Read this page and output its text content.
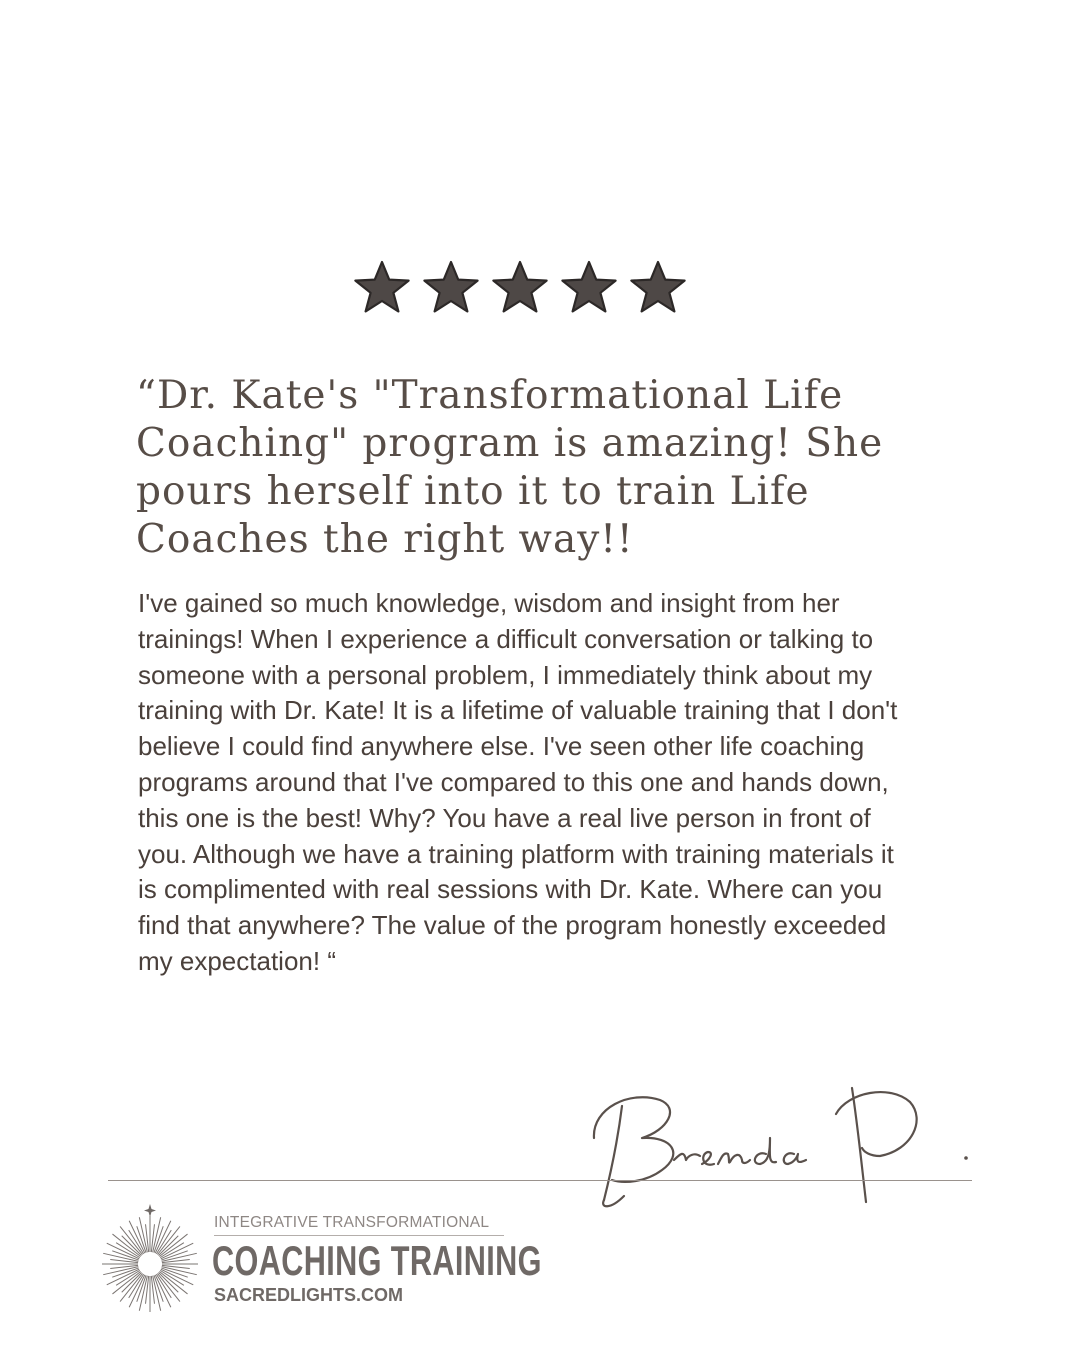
“Dr. Kate's "Transformational Life Coaching" program is amazing! She pours herself into it to train Life Coaches the right way!!

I've gained so much knowledge, wisdom and insight from her trainings! When I experience a difficult conversation or talking to someone with a personal problem, I immediately think about my training with Dr. Kate! It is a lifetime of valuable training that I don't believe I could find anywhere else. I've seen other life coaching programs around that I've compared to this one and hands down, this one is the best! Why? You have a real live person in front of you. Although we have a training platform with training materials it is complimented with real sessions with Dr. Kate. Where can you find that anywhere? The value of the program honestly exceeded my expectation! “

INTEGRATIVE TRANSFORMATIONAL
COACHING TRAINING
SACREDLIGHTS.COM
